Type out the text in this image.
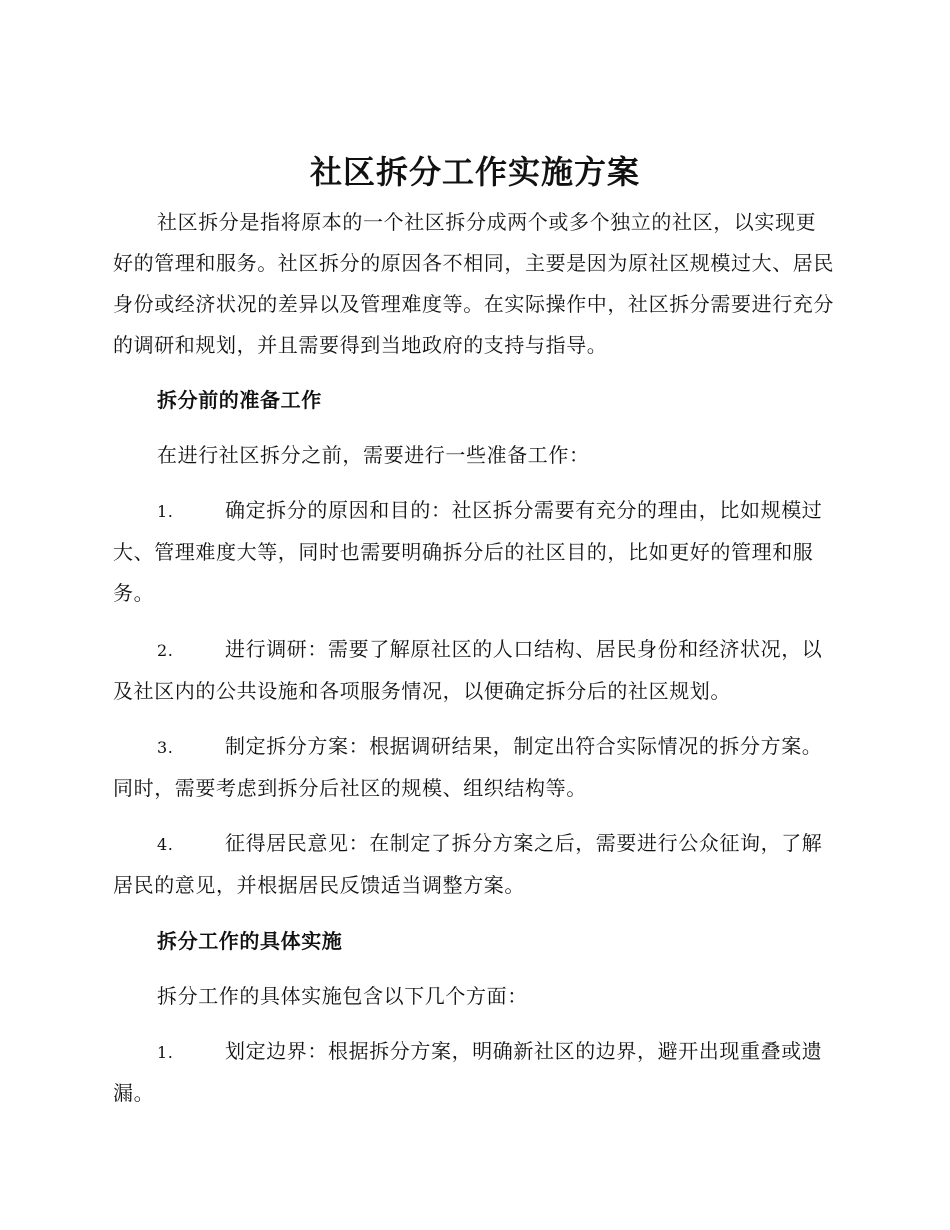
社区拆分工作实施方案

社区拆分是指将原本的一个社区拆分成两个或多个独立的社区，以实现更好的管理和服务。社区拆分的原因各不相同，主要是因为原社区规模过大、居民身份或经济状况的差异以及管理难度等。在实际操作中，社区拆分需要进行充分的调研和规划，并且需要得到当地政府的支持与指导。

拆分前的准备工作

在进行社区拆分之前，需要进行一些准备工作：

1.	确定拆分的原因和目的：社区拆分需要有充分的理由，比如规模过大、管理难度大等，同时也需要明确拆分后的社区目的，比如更好的管理和服务。

2.	进行调研：需要了解原社区的人口结构、居民身份和经济状况，以及社区内的公共设施和各项服务情况，以便确定拆分后的社区规划。

3.	制定拆分方案：根据调研结果，制定出符合实际情况的拆分方案。同时，需要考虑到拆分后社区的规模、组织结构等。

4.	征得居民意见：在制定了拆分方案之后，需要进行公众征询，了解居民的意见，并根据居民反馈适当调整方案。

拆分工作的具体实施

拆分工作的具体实施包含以下几个方面：

1.	划定边界：根据拆分方案，明确新社区的边界，避开出现重叠或遗漏。
